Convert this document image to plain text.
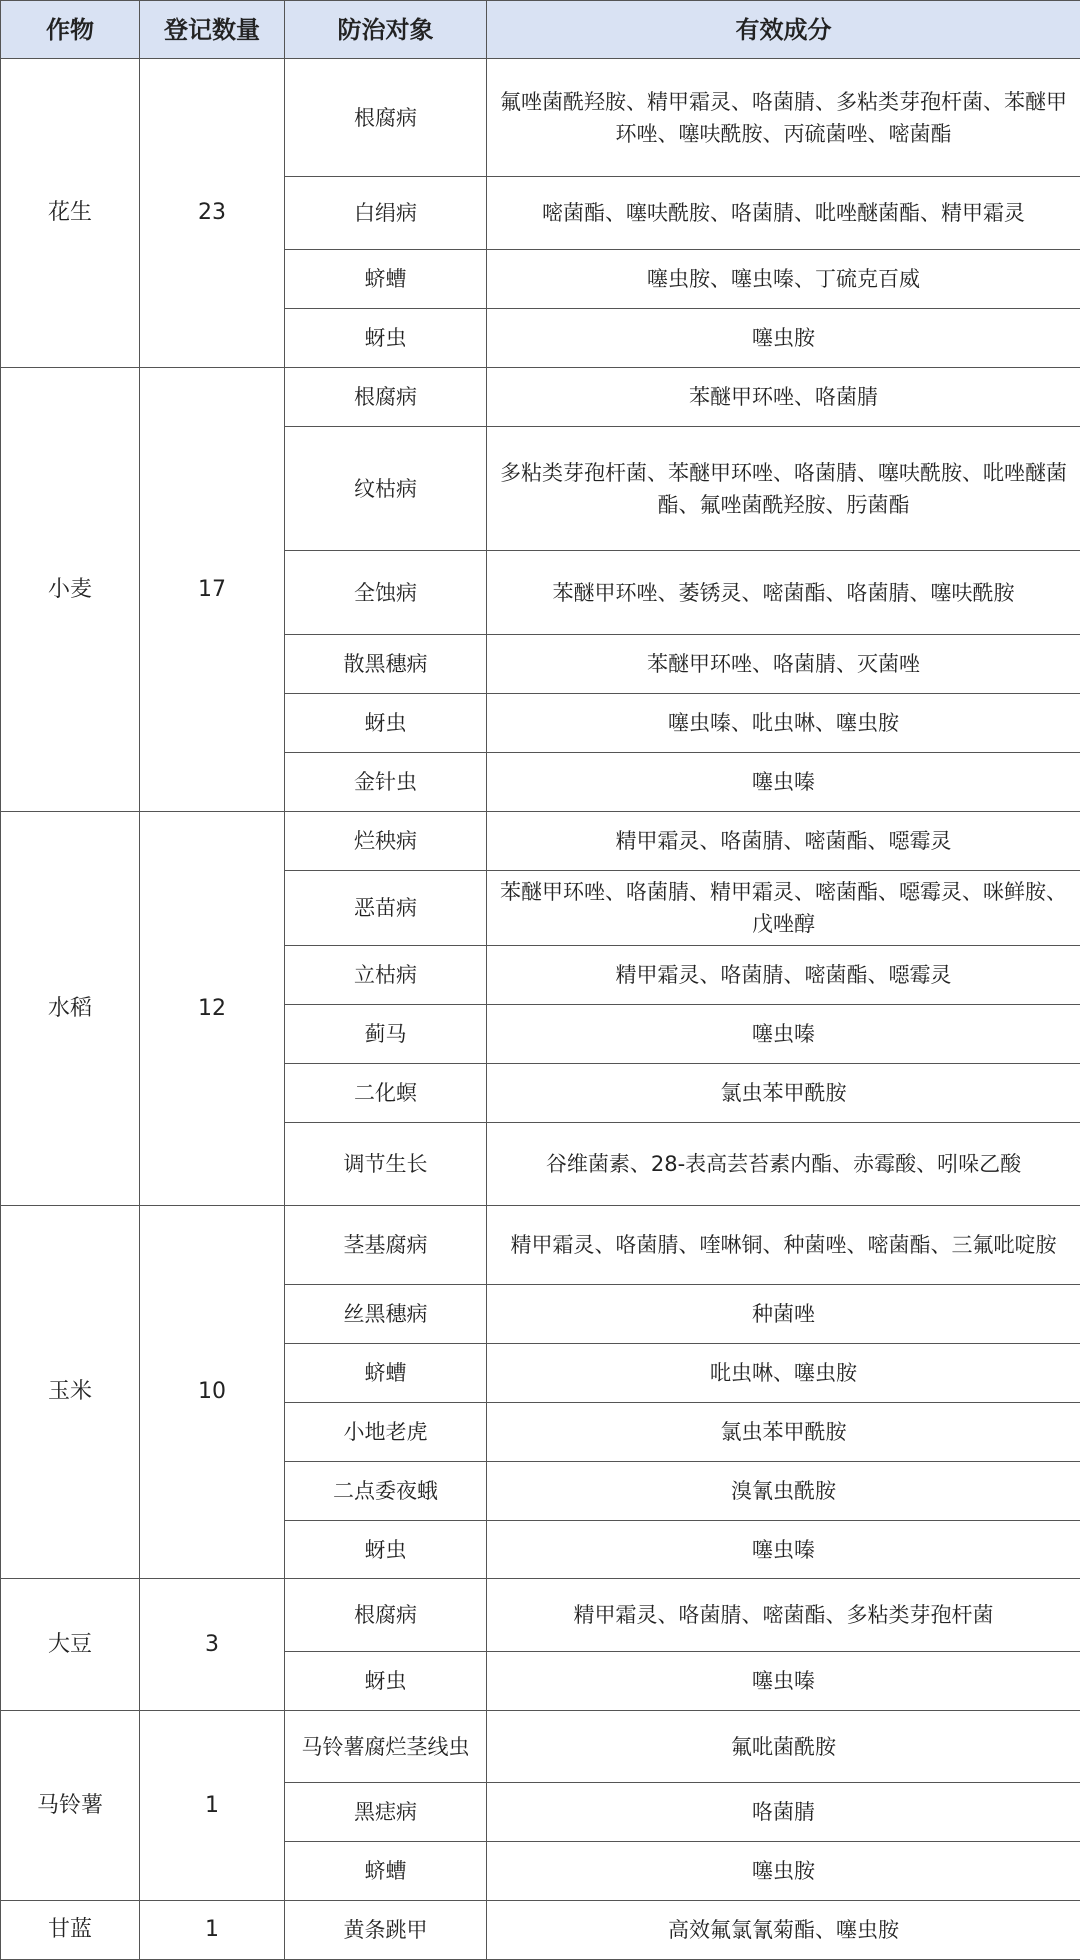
作物	登记数量	防治对象	有效成分
花生	23	根腐病	氟唑菌酰羟胺、精甲霜灵、咯菌腈、多粘类芽孢杆菌、苯醚甲环唑、噻呋酰胺、丙硫菌唑、嘧菌酯
		白绢病	嘧菌酯、噻呋酰胺、咯菌腈、吡唑醚菌酯、精甲霜灵
		蛴螬	噻虫胺、噻虫嗪、丁硫克百威
		蚜虫	噻虫胺
小麦	17	根腐病	苯醚甲环唑、咯菌腈
		纹枯病	多粘类芽孢杆菌、苯醚甲环唑、咯菌腈、噻呋酰胺、吡唑醚菌酯、氟唑菌酰羟胺、肟菌酯
		全蚀病	苯醚甲环唑、萎锈灵、嘧菌酯、咯菌腈、噻呋酰胺
		散黑穗病	苯醚甲环唑、咯菌腈、灭菌唑
		蚜虫	噻虫嗪、吡虫啉、噻虫胺
		金针虫	噻虫嗪
水稻	12	烂秧病	精甲霜灵、咯菌腈、嘧菌酯、噁霉灵
		恶苗病	苯醚甲环唑、咯菌腈、精甲霜灵、嘧菌酯、噁霉灵、咪鲜胺、戊唑醇
		立枯病	精甲霜灵、咯菌腈、嘧菌酯、噁霉灵
		蓟马	噻虫嗪
		二化螟	氯虫苯甲酰胺
		调节生长	谷维菌素、28-表高芸苔素内酯、赤霉酸、吲哚乙酸
玉米	10	茎基腐病	精甲霜灵、咯菌腈、喹啉铜、种菌唑、嘧菌酯、三氟吡啶胺
		丝黑穗病	种菌唑
		蛴螬	吡虫啉、噻虫胺
		小地老虎	氯虫苯甲酰胺
		二点委夜蛾	溴氰虫酰胺
		蚜虫	噻虫嗪
大豆	3	根腐病	精甲霜灵、咯菌腈、嘧菌酯、多粘类芽孢杆菌
		蚜虫	噻虫嗪
马铃薯	1	马铃薯腐烂茎线虫	氟吡菌酰胺
		黑痣病	咯菌腈
		蛴螬	噻虫胺
甘蓝	1	黄条跳甲	高效氟氯氰菊酯、噻虫胺
